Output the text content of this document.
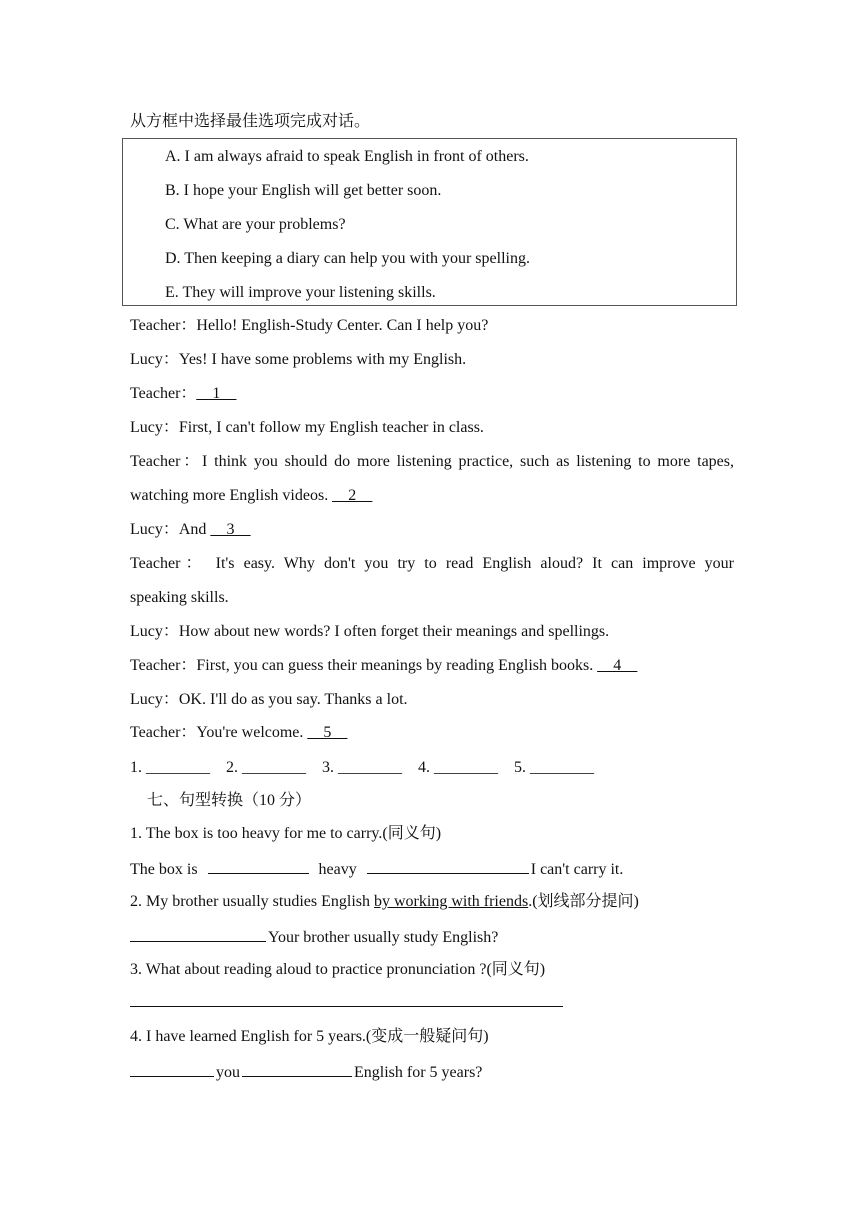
从方框中选择最佳选项完成对话。
A. I am always afraid to speak English in front of others.
B. I hope your English will get better soon.
C. What are your problems?
D. Then keeping a diary can help you with your spelling.
E. They will improve your listening skills.
Teacher：Hello! English-Study Center. Can I help you?
Lucy：Yes! I have some problems with my English.
Teacher：__1__
Lucy：First, I can't follow my English teacher in class.
Teacher：I think you should do more listening practice, such as listening to more tapes,
watching more English videos. __2__
Lucy：And __3__
Teacher： It's easy. Why don't you try to read English aloud? It can improve your
speaking skills.
Lucy：How about new words? I often forget their meanings and spellings.
Teacher：First, you can guess their meanings by reading English books. __4__
Lucy：OK. I'll do as you say. Thanks a lot.
Teacher：You're welcome. __5__
1. ________ 2. ________ 3. ________ 4. ________ 5. ________
七、句型转换（10 分）
1. The box is too heavy for me to carry.(同义句)
The box is	heavy	I can't carry it.
2. My brother usually studies English by working with friends.(划线部分提问)
Your brother usually study English?
3. What about reading aloud to practice pronunciation ?(同义句)
4. I have learned English for 5 years.(变成一般疑问句)
you	English for 5 years?
